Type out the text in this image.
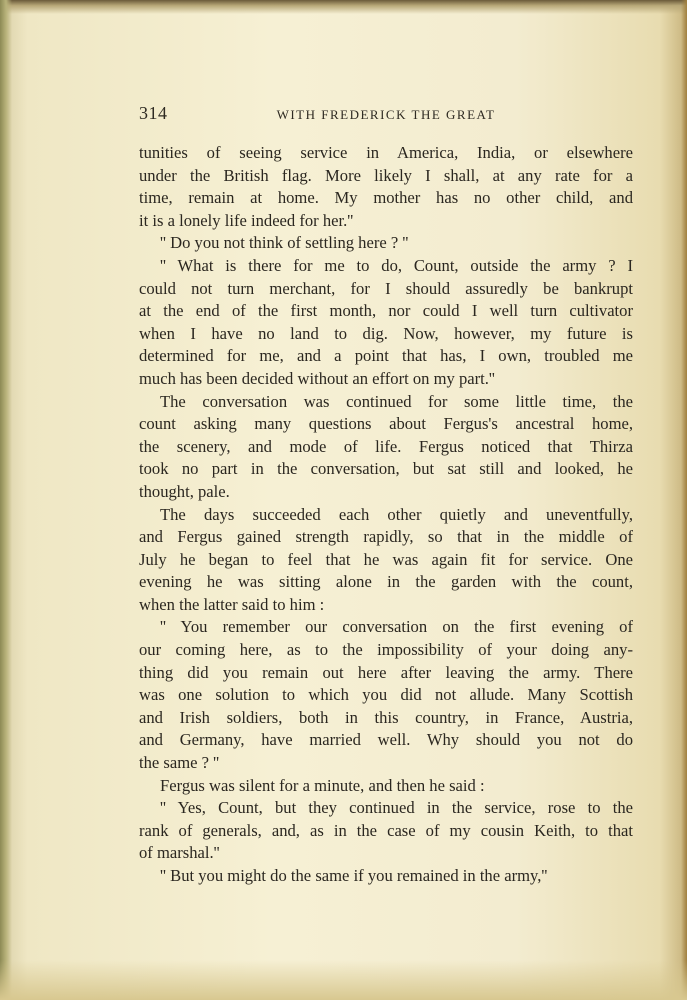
314	WITH FREDERICK THE GREAT
tunities of seeing service in America, India, or elsewhere
under the British flag. More likely I shall, at any rate for a
time, remain at home. My mother has no other child, and
it is a lonely life indeed for her.''
'' Do you not think of settling here ? ''
'' What is there for me to do, Count, outside the army ? I
could not turn merchant, for I should assuredly be bankrupt
at the end of the first month, nor could I well turn cultivator
when I have no land to dig. Now, however, my future is
determined for me, and a point that has, I own, troubled me
much has been decided without an effort on my part.''
The conversation was continued for some little time, the
count asking many questions about Fergus's ancestral home,
the scenery, and mode of life. Fergus noticed that Thirza
took no part in the conversation, but sat still and looked, he
thought, pale.
The days succeeded each other quietly and uneventfully,
and Fergus gained strength rapidly, so that in the middle of
July he began to feel that he was again fit for service. One
evening he was sitting alone in the garden with the count,
when the latter said to him :
'' You remember our conversation on the first evening of
our coming here, as to the impossibility of your doing any-
thing did you remain out here after leaving the army. There
was one solution to which you did not allude. Many Scottish
and Irish soldiers, both in this country, in France, Austria,
and Germany, have married well. Why should you not do
the same ? ''
Fergus was silent for a minute, and then he said :
'' Yes, Count, but they continued in the service, rose to the
rank of generals, and, as in the case of my cousin Keith, to that
of marshal.''
'' But you might do the same if you remained in the army,''
